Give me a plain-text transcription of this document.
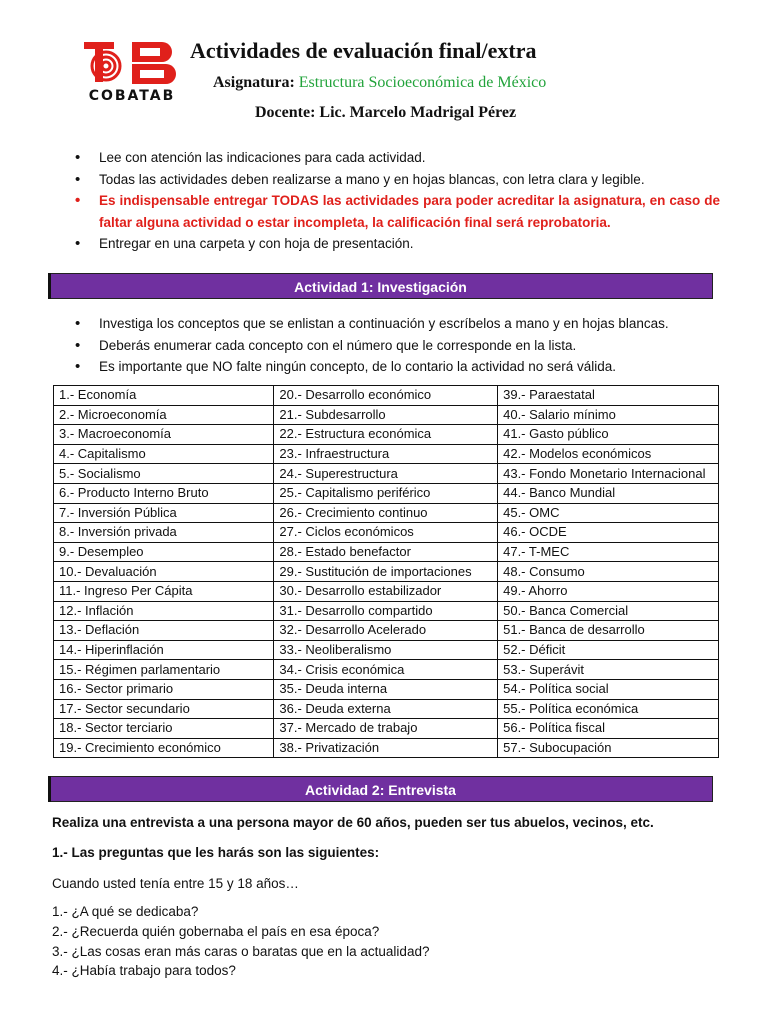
COBATAB
Actividades de evaluación final/extra
Asignatura: Estructura Socioeconómica de México
Docente: Lic. Marcelo Madrigal Pérez
• Lee con atención las indicaciones para cada actividad.
• Todas las actividades deben realizarse a mano y en hojas blancas, con letra clara y legible.
• Es indispensable entregar TODAS las actividades para poder acreditar la asignatura, en caso de faltar alguna actividad o estar incompleta, la calificación final será reprobatoria.
• Entregar en una carpeta y con hoja de presentación.
Actividad 1: Investigación
• Investiga los conceptos que se enlistan a continuación y escríbelos a mano y en hojas blancas.
• Deberás enumerar cada concepto con el número que le corresponde en la lista.
• Es importante que NO falte ningún concepto, de lo contario la actividad no será válida.
1.- Economía	20.- Desarrollo económico	39.- Paraestatal
2.- Microeconomía	21.- Subdesarrollo	40.- Salario mínimo
3.- Macroeconomía	22.- Estructura económica	41.- Gasto público
4.- Capitalismo	23.- Infraestructura	42.- Modelos económicos
5.- Socialismo	24.- Superestructura	43.- Fondo Monetario Internacional
6.- Producto Interno Bruto	25.- Capitalismo periférico	44.- Banco Mundial
7.- Inversión Pública	26.- Crecimiento continuo	45.- OMC
8.- Inversión privada	27.- Ciclos económicos	46.- OCDE
9.- Desempleo	28.- Estado benefactor	47.- T-MEC
10.- Devaluación	29.- Sustitución de importaciones	48.- Consumo
11.- Ingreso Per Cápita	30.- Desarrollo estabilizador	49.- Ahorro
12.- Inflación	31.- Desarrollo compartido	50.- Banca Comercial
13.- Deflación	32.- Desarrollo Acelerado	51.- Banca de desarrollo
14.- Hiperinflación	33.- Neoliberalismo	52.- Déficit
15.- Régimen parlamentario	34.- Crisis económica	53.- Superávit
16.- Sector primario	35.- Deuda interna	54.- Política social
17.- Sector secundario	36.- Deuda externa	55.- Política económica
18.- Sector terciario	37.- Mercado de trabajo	56.- Política fiscal
19.- Crecimiento económico	38.- Privatización	57.- Subocupación
Actividad 2: Entrevista
Realiza una entrevista a una persona mayor de 60 años, pueden ser tus abuelos, vecinos, etc.
1.- Las preguntas que les harás son las siguientes:
Cuando usted tenía entre 15 y 18 años…
1.- ¿A qué se dedicaba?
2.- ¿Recuerda quién gobernaba el país en esa época?
3.- ¿Las cosas eran más caras o baratas que en la actualidad?
4.- ¿Había trabajo para todos?
